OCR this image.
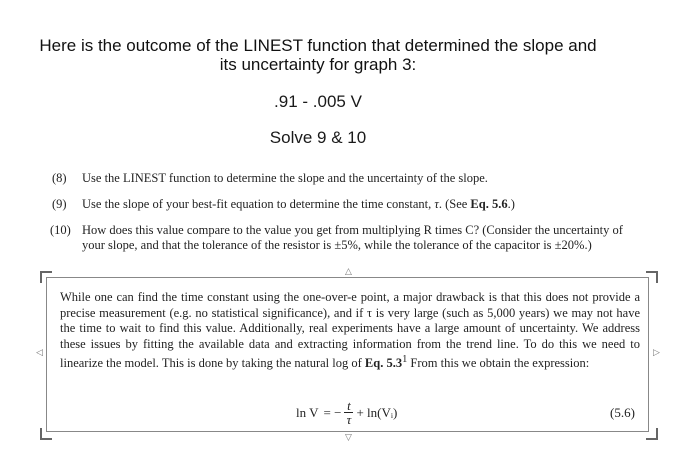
Here is the outcome of the LINEST function that determined the slope and
its uncertainty for graph 3:
.91 - .005 V
Solve 9 & 10
(8) Use the LINEST function to determine the slope and the uncertainty of the slope.
(9) Use the slope of your best-fit equation to determine the time constant, τ. (See Eq. 5.6.)
(10) How does this value compare to the value you get from multiplying R times C? (Consider the uncertainty of your slope, and that the tolerance of the resistor is ±5%, while the tolerance of the capacitor is ±20%.)
△
▽
◁	▷
While one can find the time constant using the one-over-e point, a major drawback is that this does not provide a precise measurement (e.g. no statistical significance), and if τ is very large (such as 5,000 years) we may not have the time to wait to find this value. Additionally, real experiments have a large amount of uncertainty. We address these issues by fitting the available data and extracting information from the trend line. To do this we need to linearize the model. This is done by taking the natural log of Eq. $5.3^1$ From this we obtain the expression:
ln V = − $\frac{t}{\tau}$ + ln(Vᵢ)	(5.6)
